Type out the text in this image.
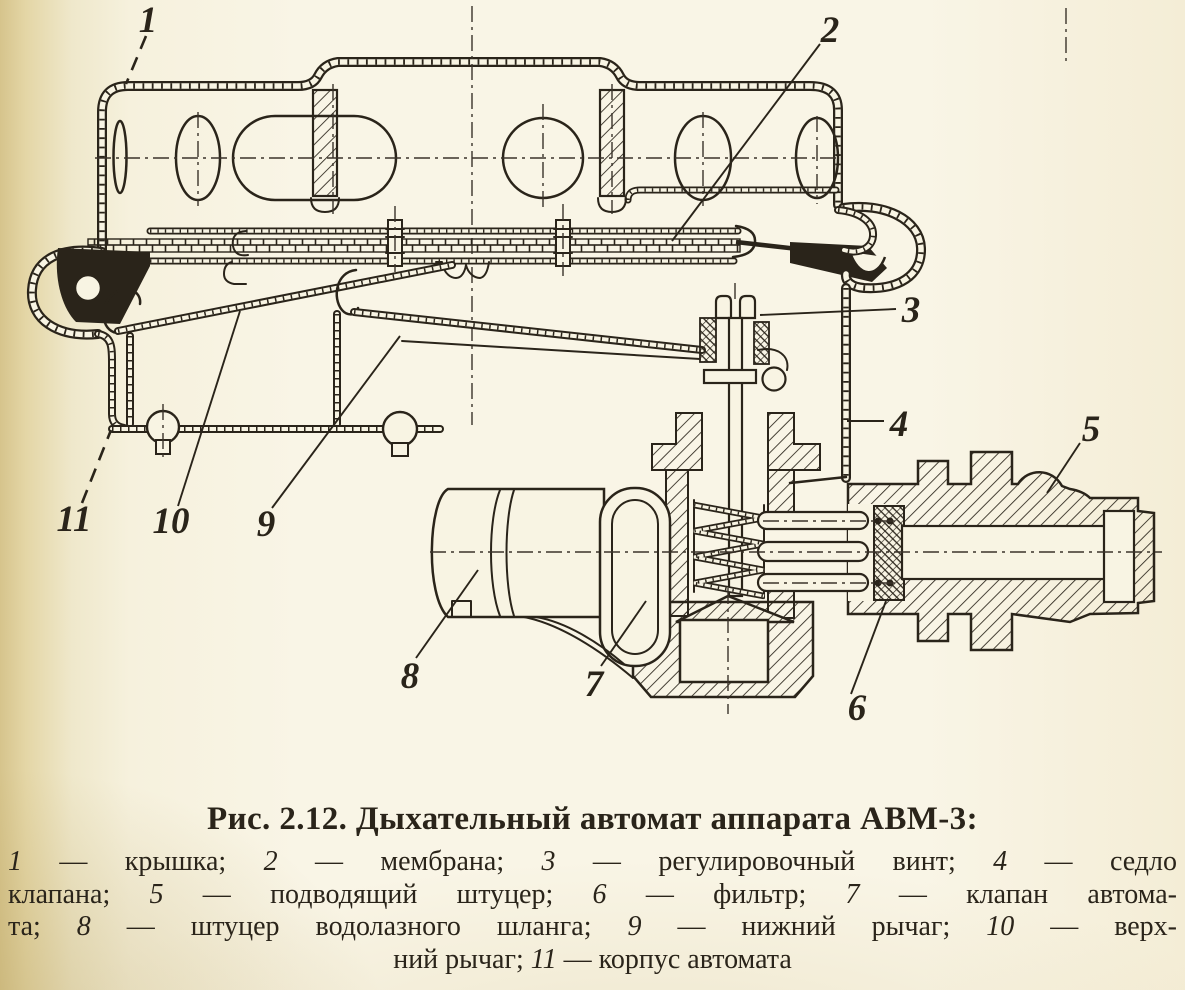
1	2
3
4	5
6
7
8
9
10
11
Рис. 2.12. Дыхательный автомат аппарата АВМ-3:
1 — крышка; 2 — мембрана; 3 — регулировочный винт; 4 — седло
клапана; 5 — подводящий штуцер; 6 — фильтр; 7 — клапан автома-
та; 8 — штуцер водолазного шланга; 9 — нижний рычаг; 10 — верх-
ний рычаг; 11 — корпус автомата
